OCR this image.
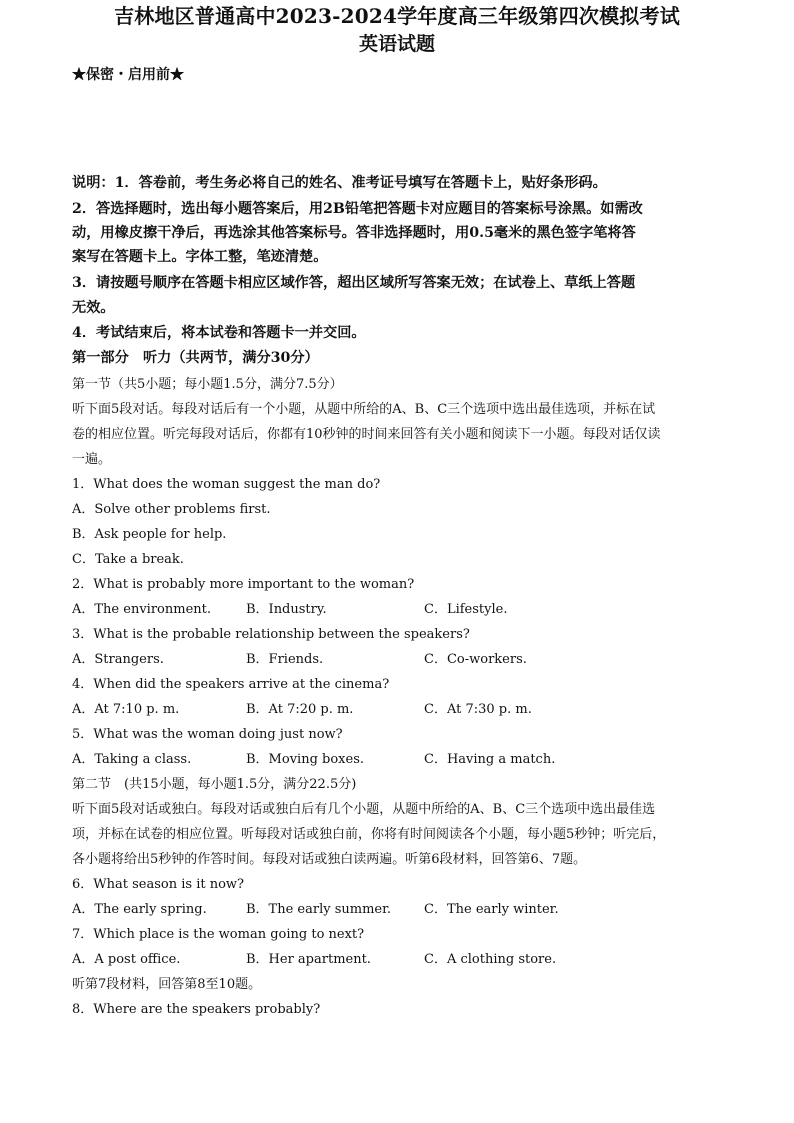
★保密・启用前★
吉林地区普通高中2023-2024学年度高三年级第四次模拟考试
英语试题
说明：1．答卷前，考生务必将自己的姓名、准考证号填写在答题卡上，贴好条形码。
2．答选择题时，选出每小题答案后，用2B铅笔把答题卡对应题目的答案标号涂黑。如需改
动，用橡皮擦干净后，再选涂其他答案标号。答非选择题时，用0.5毫米的黑色签字笔将答
案写在答题卡上。字体工整，笔迹清楚。
3．请按题号顺序在答题卡相应区域作答，超出区域所写答案无效；在试卷上、草纸上答题
无效。
4．考试结束后，将本试卷和答题卡一并交回。
第一部分　听力（共两节，满分30分）
第一节（共5小题；每小题1.5分，满分7.5分）
听下面5段对话。每段对话后有一个小题，从题中所给的A、B、C三个选项中选出最佳选项，并标在试
卷的相应位置。听完每段对话后，你都有10秒钟的时间来回答有关小题和阅读下一小题。每段对话仅读
一遍。
1．What does the woman suggest the man do?
A．Solve other problems first.
B．Ask people for help.
C．Take a break.
2．What is probably more important to the woman?
A．The environment.	B．Industry.	C．Lifestyle.
3．What is the probable relationship between the speakers?
A．Strangers.	B．Friends.	C．Co-workers.
4．When did the speakers arrive at the cinema?
A．At 7:10 p. m.	B．At 7:20 p. m.	C．At 7:30 p. m.
5．What was the woman doing just now?
A．Taking a class.	B．Moving boxes.	C．Having a match.
第二节　(共15小题，每小题1.5分，满分22.5分)
听下面5段对话或独白。每段对话或独白后有几个小题，从题中所给的A、B、C三个选项中选出最佳选
项，并标在试卷的相应位置。听每段对话或独白前，你将有时间阅读各个小题，每小题5秒钟；听完后，
各小题将给出5秒钟的作答时间。每段对话或独白读两遍。听第6段材料，回答第6、7题。
6．What season is it now?
A．The early spring.	B．The early summer.	C．The early winter.
7．Which place is the woman going to next?
A．A post office.	B．Her apartment.	C．A clothing store.
听第7段材料，回答第8至10题。
8．Where are the speakers probably?
